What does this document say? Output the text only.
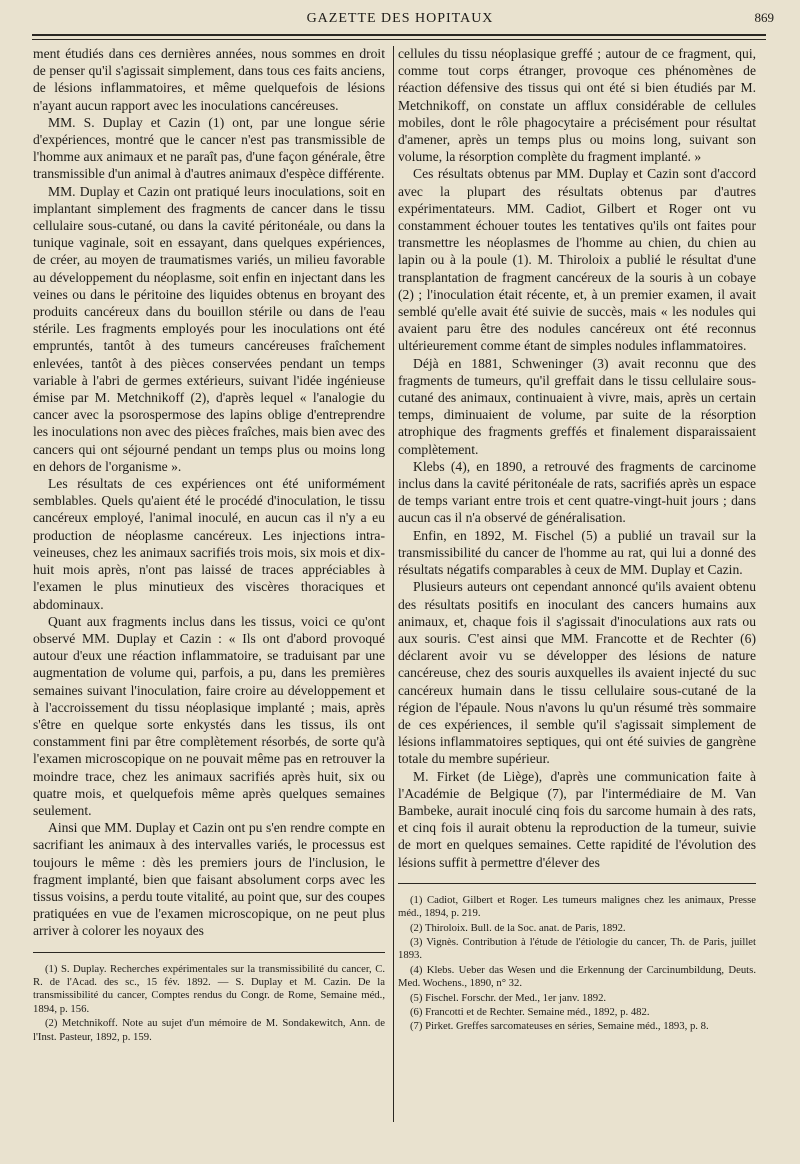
GAZETTE DES HOPITAUX	869

ment étudiés dans ces dernières années, nous sommes en droit de penser qu'il s'agissait simplement, dans tous ces faits anciens, de lésions inflammatoires, et même quelquefois de lésions n'ayant aucun rapport avec les inoculations cancéreuses.

MM. S. Duplay et Cazin (1) ont, par une longue série d'expériences, montré que le cancer n'est pas transmissible de l'homme aux animaux et ne paraît pas, d'une façon générale, être transmissible d'un animal à d'autres animaux d'espèce différente.

MM. Duplay et Cazin ont pratiqué leurs inoculations, soit en implantant simplement des fragments de cancer dans le tissu cellulaire sous-cutané, ou dans la cavité péritonéale, ou dans la tunique vaginale, soit en essayant, dans quelques expériences, de créer, au moyen de traumatismes variés, un milieu favorable au développement du néoplasme, soit enfin en injectant dans les veines ou dans le péritoine des liquides obtenus en broyant des produits cancéreux dans du bouillon stérile ou dans de l'eau stérile. Les fragments employés pour les inoculations ont été empruntés, tantôt à des tumeurs cancéreuses fraîchement enlevées, tantôt à des pièces conservées pendant un temps variable à l'abri de germes extérieurs, suivant l'idée ingénieuse émise par M. Metchnikoff (2), d'après lequel « l'analogie du cancer avec la psorospermose des lapins oblige d'entreprendre les inoculations non avec des pièces fraîches, mais bien avec des cancers qui ont séjourné pendant un temps plus ou moins long en dehors de l'organisme ».

Les résultats de ces expériences ont été uniformément semblables. Quels qu'aient été le procédé d'inoculation, le tissu cancéreux employé, l'animal inoculé, en aucun cas il n'y a eu production de néoplasme cancéreux. Les injections intra-veineuses, chez les animaux sacrifiés trois mois, six mois et dix-huit mois après, n'ont pas laissé de traces appréciables à l'examen le plus minutieux des viscères thoraciques et abdominaux.

Quant aux fragments inclus dans les tissus, voici ce qu'ont observé MM. Duplay et Cazin : « Ils ont d'abord provoqué autour d'eux une réaction inflammatoire, se traduisant par une augmentation de volume qui, parfois, a pu, dans les premières semaines suivant l'inoculation, faire croire au développement et à l'accroissement du tissu néoplasique implanté ; mais, après s'être en quelque sorte enkystés dans les tissus, ils ont constamment fini par être complètement résorbés, de sorte qu'à l'examen microscopique on ne pouvait même pas en retrouver la moindre trace, chez les animaux sacrifiés après huit, six ou quatre mois, et quelquefois même après quelques semaines seulement.

Ainsi que MM. Duplay et Cazin ont pu s'en rendre compte en sacrifiant les animaux à des intervalles variés, le processus est toujours le même : dès les premiers jours de l'inclusion, le fragment implanté, bien que faisant absolument corps avec les tissus voisins, a perdu toute vitalité, au point que, sur des coupes pratiquées en vue de l'examen microscopique, on ne peut plus arriver à colorer les noyaux des

(1) S. Duplay. Recherches expérimentales sur la transmissibilité du cancer, C. R. de l'Acad. des sc., 15 fév. 1892. — S. Duplay et M. Cazin. De la transmissibilité du cancer, Comptes rendus du Congr. de Rome, Semaine méd., 1894, p. 156.

(2) Metchnikoff. Note au sujet d'un mémoire de M. Sondakewitch, Ann. de l'Inst. Pasteur, 1892, p. 159.

cellules du tissu néoplasique greffé ; autour de ce fragment, qui, comme tout corps étranger, provoque ces phénomènes de réaction défensive des tissus qui ont été si bien étudiés par M. Metchnikoff, on constate un afflux considérable de cellules mobiles, dont le rôle phagocytaire a précisément pour résultat d'amener, après un temps plus ou moins long, suivant son volume, la résorption complète du fragment implanté. »

Ces résultats obtenus par MM. Duplay et Cazin sont d'accord avec la plupart des résultats obtenus par d'autres expérimentateurs. MM. Cadiot, Gilbert et Roger ont vu constamment échouer toutes les tentatives qu'ils ont faites pour transmettre les néoplasmes de l'homme au chien, du chien au lapin ou à la poule (1). M. Thiroloix a publié le résultat d'une transplantation de fragment cancéreux de la souris à un cobaye (2) ; l'inoculation était récente, et, à un premier examen, il avait semblé qu'elle avait été suivie de succès, mais « les nodules qui avaient paru être des nodules cancéreux ont été reconnus ultérieurement comme étant de simples nodules inflammatoires.

Déjà en 1881, Schweninger (3) avait reconnu que des fragments de tumeurs, qu'il greffait dans le tissu cellulaire sous-cutané des animaux, continuaient à vivre, mais, après un certain temps, diminuaient de volume, par suite de la résorption atrophique des fragments greffés et finalement disparaissaient complètement.

Klebs (4), en 1890, a retrouvé des fragments de carcinome inclus dans la cavité péritonéale de rats, sacrifiés après un espace de temps variant entre trois et cent quatre-vingt-huit jours ; dans aucun cas il n'a observé de généralisation.

Enfin, en 1892, M. Fischel (5) a publié un travail sur la transmissibilité du cancer de l'homme au rat, qui lui a donné des résultats négatifs comparables à ceux de MM. Duplay et Cazin.

Plusieurs auteurs ont cependant annoncé qu'ils avaient obtenu des résultats positifs en inoculant des cancers humains aux animaux, et, chaque fois il s'agissait d'inoculations aux rats ou aux souris. C'est ainsi que MM. Francotte et de Rechter (6) déclarent avoir vu se développer des lésions de nature cancéreuse, chez des souris auxquelles ils avaient injecté du suc cancéreux humain dans le tissu cellulaire sous-cutané de la région de l'épaule. Nous n'avons lu qu'un résumé très sommaire de ces expériences, il semble qu'il s'agissait simplement de lésions inflammatoires septiques, qui ont été suivies de gangrène totale du membre supérieur.

M. Firket (de Liège), d'après une communication faite à l'Académie de Belgique (7), par l'intermédiaire de M. Van Bambeke, aurait inoculé cinq fois du sarcome humain à des rats, et cinq fois il aurait obtenu la reproduction de la tumeur, suivie de mort en quelques semaines. Cette rapidité de l'évolution des lésions suffit à permettre d'élever des

(1) Cadiot, Gilbert et Roger. Les tumeurs malignes chez les animaux, Presse méd., 1894, p. 219.

(2) Thiroloix. Bull. de la Soc. anat. de Paris, 1892.

(3) Vignès. Contribution à l'étude de l'étiologie du cancer, Th. de Paris, juillet 1893.

(4) Klebs. Ueber das Wesen und die Erkennung der Carcinumbildung, Deuts. Med. Wochens., 1890, n° 32.

(5) Fischel. Forschr. der Med., 1er janv. 1892.

(6) Francotti et de Rechter. Semaine méd., 1892, p. 482.

(7) Pirket. Greffes sarcomateuses en séries, Semaine méd., 1893, p. 8.
